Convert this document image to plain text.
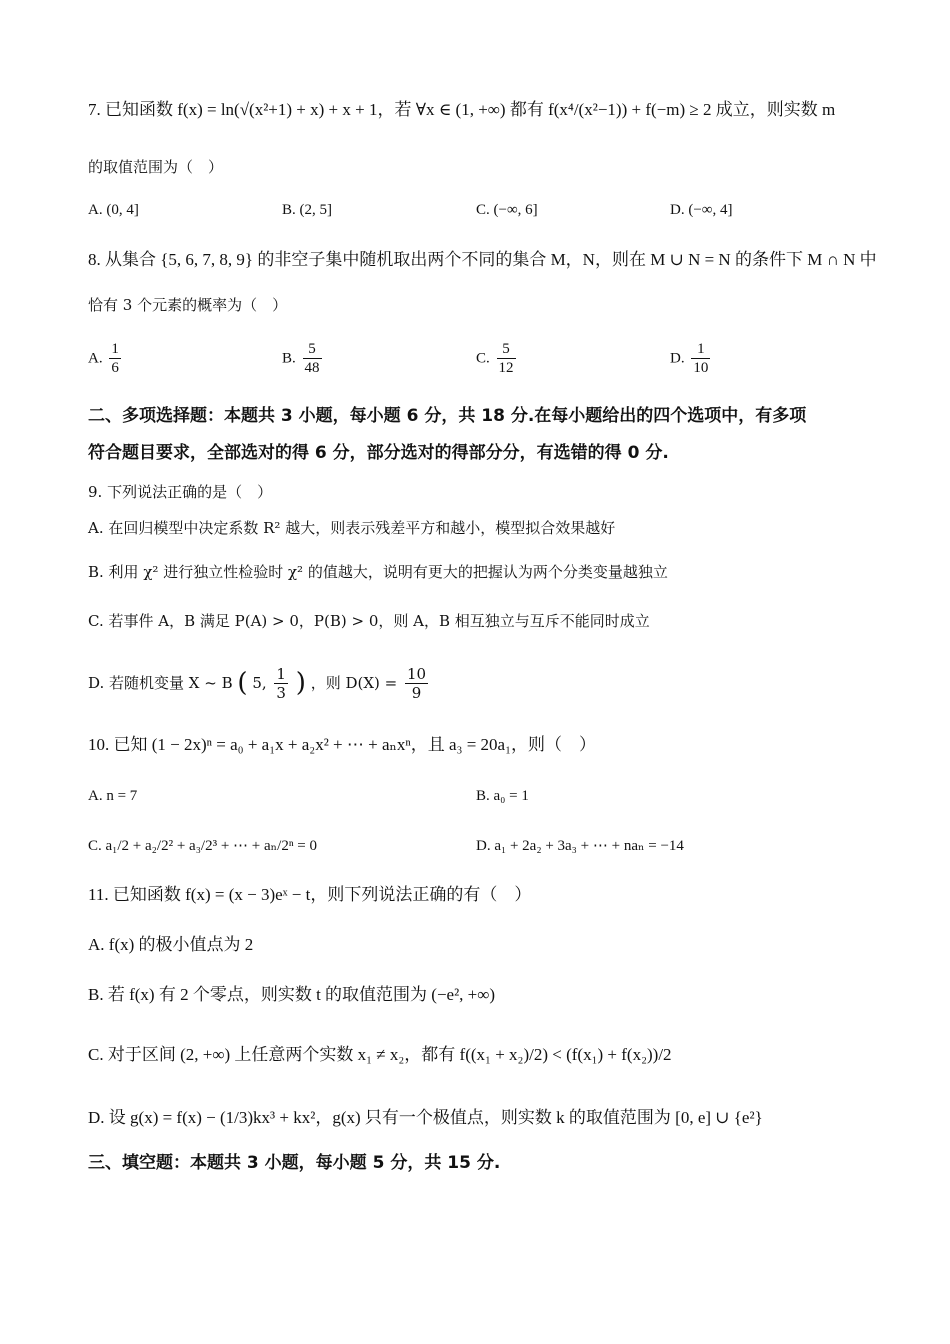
7. 已知函数 f(x) = ln(√(x²+1) + x) + x + 1，若 ∀x ∈ (1, +∞) 都有 f(x⁴/(x²−1)) + f(−m) ≥ 2 成立，则实数 m
的取值范围为（　）
A. (0, 4]	B. (2, 5]	C. (−∞, 6]	D. (−∞, 4]
8. 从集合 {5, 6, 7, 8, 9} 的非空子集中随机取出两个不同的集合 M，N，则在 M ∪ N = N 的条件下 M ∩ N 中
恰有 3 个元素的概率为（　）
A. $\frac{1}{6}$	B. $\frac{5}{48}$	C. $\frac{5}{12}$	D. $\frac{1}{10}$
二、多项选择题：本题共 3 小题，每小题 6 分，共 18 分.在每小题给出的四个选项中，有多项
符合题目要求，全部选对的得 6 分，部分选对的得部分分，有选错的得 0 分.
9. 下列说法正确的是（　）
A. 在回归模型中决定系数 R² 越大，则表示残差平方和越小，模型拟合效果越好
B. 利用 χ² 进行独立性检验时 χ² 的值越大，说明有更大的把握认为两个分类变量越独立
C. 若事件 A，B 满足 P(A) > 0，P(B) > 0，则 A，B 相互独立与互斥不能同时成立
D. 若随机变量 X ~ B ( 5, $\frac{1}{3}$ ) ，则 $D(X) = \frac{10}{9}$
10. 已知 (1 − 2x)ⁿ = a₀ + a₁x + a₂x² + ⋯ + aₙxⁿ，且 a₃ = 20a₁，则（　）
A. n = 7	B. a₀ = 1
C. a₁/2 + a₂/2² + a₃/2³ + ⋯ + aₙ/2ⁿ = 0	D. a₁ + 2a₂ + 3a₃ + ⋯ + naₙ = −14
11. 已知函数 f(x) = (x − 3)eˣ − t，则下列说法正确的有（　）
A. f(x) 的极小值点为 2
B. 若 f(x) 有 2 个零点，则实数 t 的取值范围为 (−e², +∞)
C. 对于区间 (2, +∞) 上任意两个实数 x₁ ≠ x₂，都有 f((x₁ + x₂)/2) < (f(x₁) + f(x₂))/2
D. 设 g(x) = f(x) − (1/3)kx³ + kx²，g(x) 只有一个极值点，则实数 k 的取值范围为 [0, e] ∪ {e²}
三、填空题：本题共 3 小题，每小题 5 分，共 15 分.
